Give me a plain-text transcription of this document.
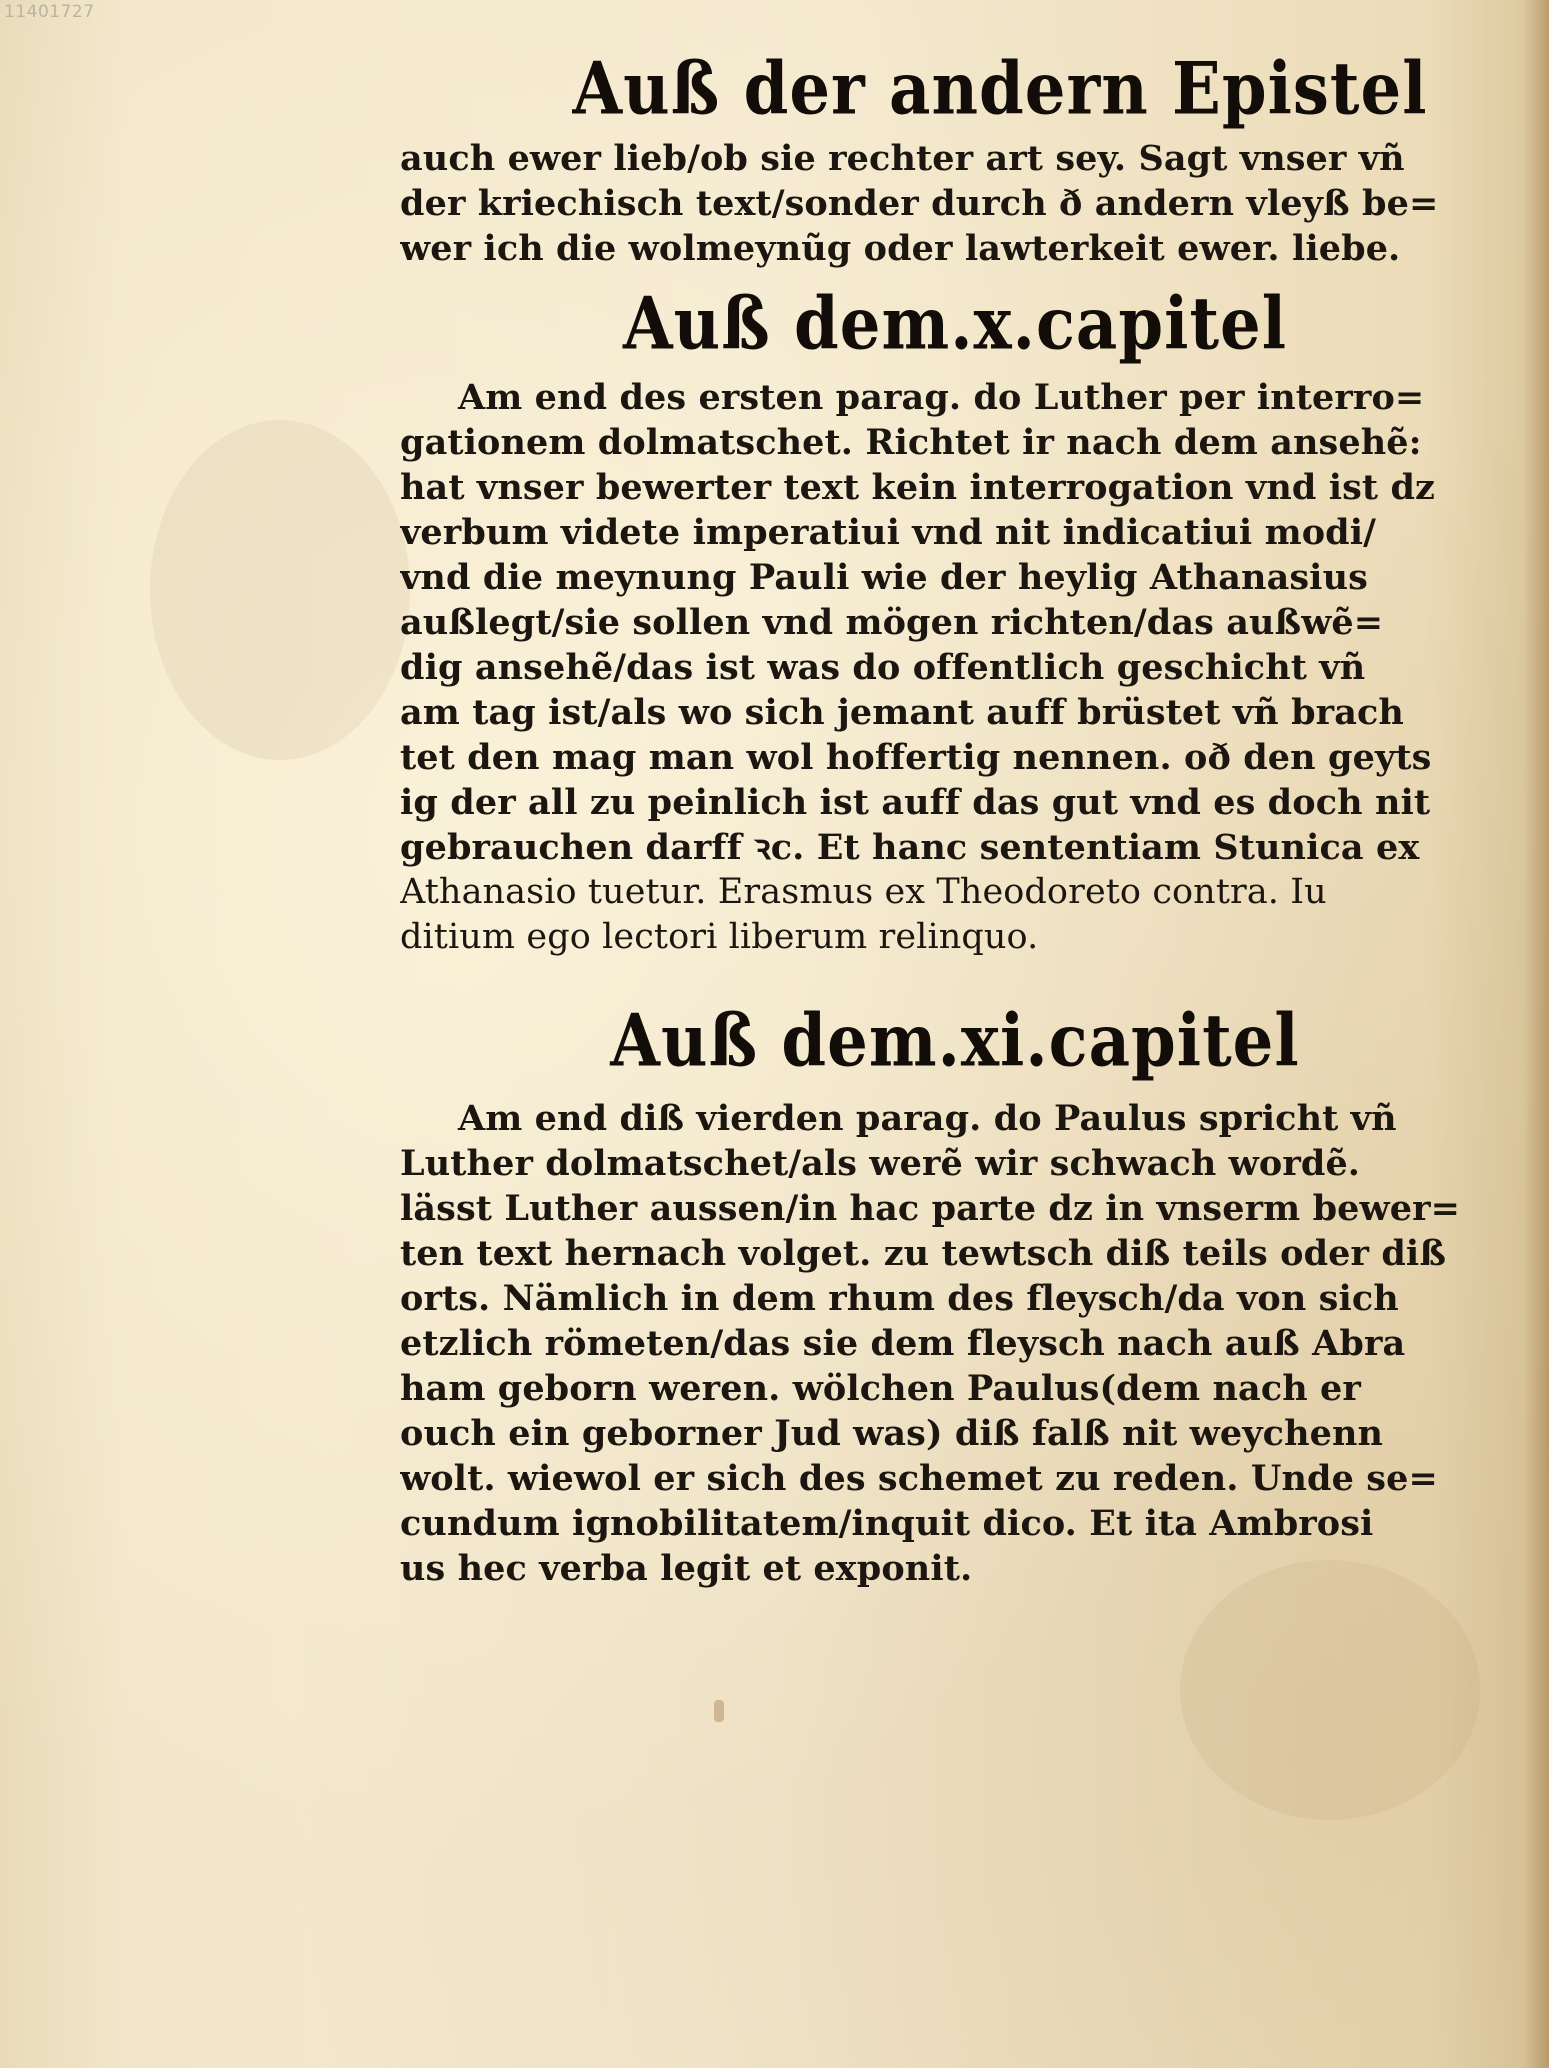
11401727
Auß der andern Epistel
auch ewer lieb/ob sie rechter art sey. Sagt vnser vñ
der kriechisch text/sonder durch ð andern vleyß be=
wer ich die wolmeynũg oder lawterkeit ewer. liebe.
Auß dem.x.capitel
Am end des ersten parag. do Luther per interro=
gationem dolmatschet. Richtet ir nach dem ansehẽ:
hat vnser bewerter text kein interrogation vnd ist dz
verbum videte imperatiui vnd nit indicatiui modi/
vnd die meynung Pauli wie der heylig Athanasius
außlegt/sie sollen vnd mögen richten/das außwẽ=
dig ansehẽ/das ist was do offentlich geschicht vñ
am tag ist/als wo sich jemant auff brüstet vñ brach
tet den mag man wol hoffertig nennen. oð den geyts
ig der all zu peinlich ist auff das gut vnd es doch nit
gebrauchen darff ꝛc. Et hanc sententiam Stunica ex
Athanasio tuetur. Erasmus ex Theodoreto contra. Iu
ditium ego lectori liberum relinquo.
Auß dem.xi.capitel
Am end diß vierden parag. do Paulus spricht vñ
Luther dolmatschet/als werẽ wir schwach wordẽ.
lässt Luther aussen/in hac parte dz in vnserm bewer=
ten text hernach volget. zu tewtsch diß teils oder diß
orts. Nämlich in dem rhum des fleysch/da von sich
etzlich römeten/das sie dem fleysch nach auß Abra
ham geborn weren. wölchen Paulus(dem nach er
ouch ein geborner Jud was) diß falß nit weychenn
wolt. wiewol er sich des schemet zu reden. Unde se=
cundum ignobilitatem/inquit dico. Et ita Ambrosi
us hec verba legit et exponit.
